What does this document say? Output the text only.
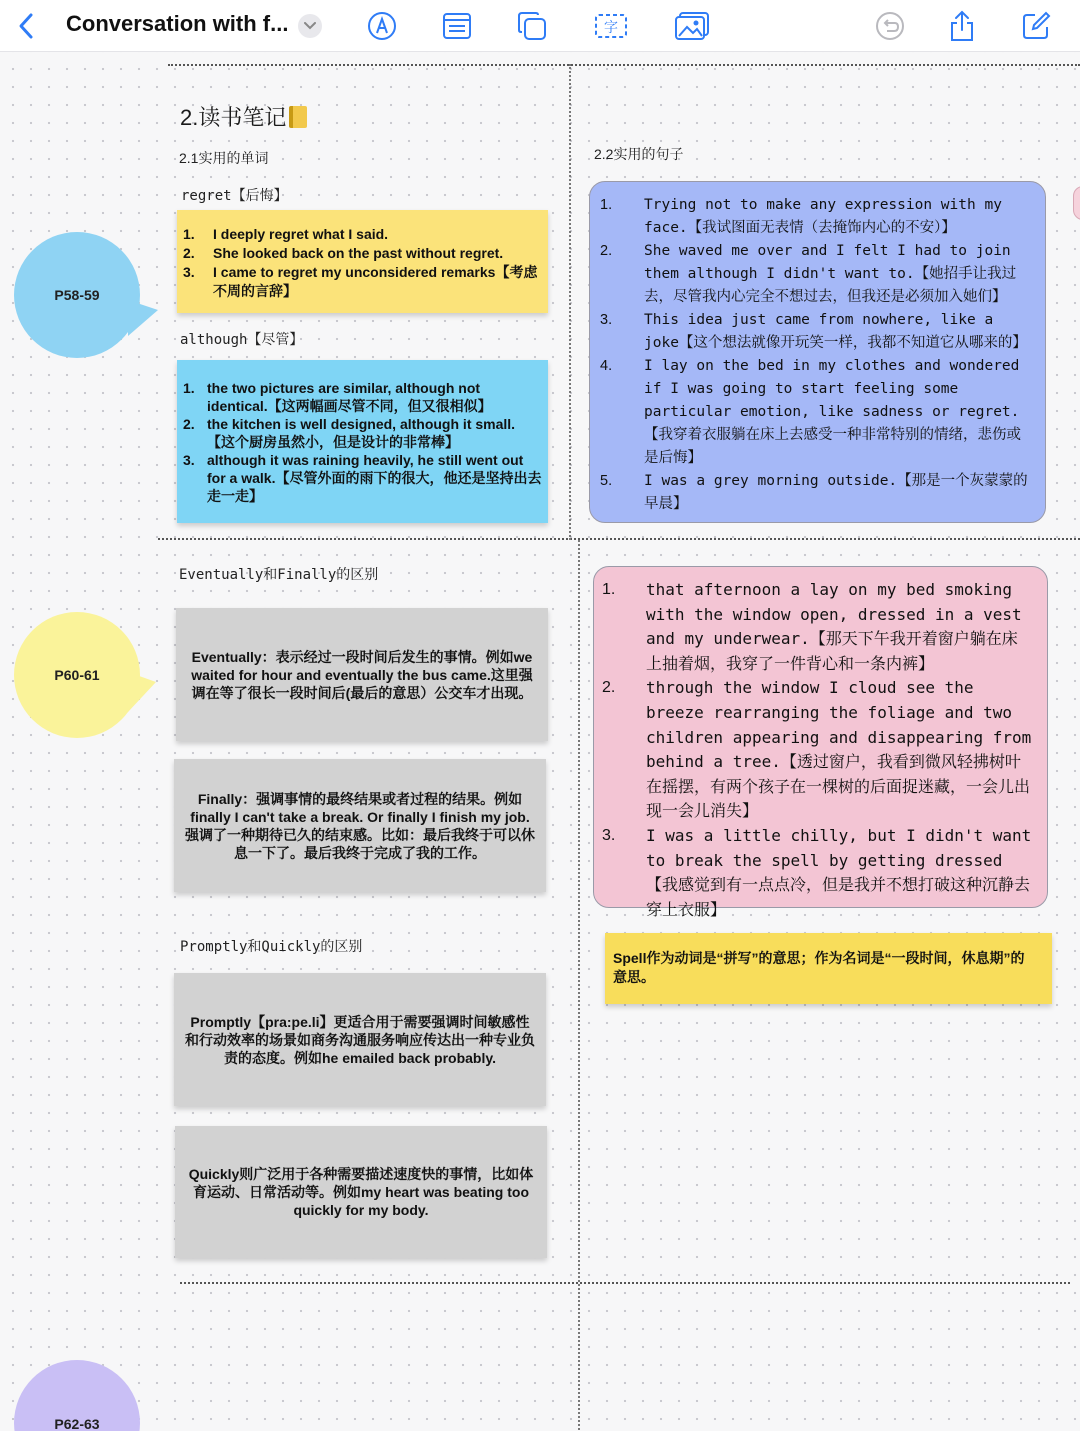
Conversation with f...	字
P58-59
P60-61
P62-63
2.读书笔记
2.1实用的单词
regret【后悔】
1.	I deeply regret what I said.
2.	She looked back on the past without regret.
3.	I came to regret my unconsidered remarks【考虑不周的言辞】
although【尽管】
1. the two pictures are similar, although not identical.【这两幅画尽管不同，但又很相似】
2. the kitchen is well designed, although it small.【这个厨房虽然小，但是设计的非常棒】
3. although it was raining heavily, he still went out for a walk.【尽管外面的雨下的很大，他还是坚持出去走一走】
2.2实用的句子
1.	Trying not to make any expression with my face.【我试图面无表情（去掩饰内心的不安）】
2.	She waved me over and I felt I had to join them although I didn't want to.【她招手让我过去，尽管我内心完全不想过去，但我还是必须加入她们】
3.	This idea just came from nowhere, like a joke【这个想法就像开玩笑一样，我都不知道它从哪来的】
4.	I lay on the bed in my clothes and wondered if I was going to start feeling some particular emotion, like sadness or regret.【我穿着衣服躺在床上去感受一种非常特别的情绪，悲伤或是后悔】
5.	I was a grey morning outside.【那是一个灰蒙蒙的早晨】
Eventually和Finally的区别
Eventually：表示经过一段时间后发生的事情。例如we waited for hour and eventually the bus came.这里强调在等了很长一段时间后(最后的意思）公交车才出现。
Finally：强调事情的最终结果或者过程的结果。例如finally I can't take a break. Or finally I finish my job.强调了一种期待已久的结束感。比如：最后我终于可以休息一下了。最后我终于完成了我的工作。
1.	that afternoon a lay on my bed smoking with the window open, dressed in a vest and my underwear.【那天下午我开着窗户躺在床上抽着烟，我穿了一件背心和一条内裤】
2.	through the window I cloud see the breeze rearranging the foliage and two children appearing and disappearing from behind a tree.【透过窗户，我看到微风轻拂树叶在摇摆，有两个孩子在一棵树的后面捉迷藏，一会儿出现一会儿消失】
3.	I was a little chilly, but I didn't want to break the spell by getting dressed【我感觉到有一点点冷，但是我并不想打破这种沉静去穿上衣服】
Spell作为动词是“拼写”的意思；作为名词是“一段时间，休息期”的意思。
Promptly和Quickly的区别
Promptly【pra:pe.li】更适合用于需要强调时间敏感性和行动效率的场景如商务沟通服务响应传达出一种专业负责的态度。例如he emailed back probably.
Quickly则广泛用于各种需要描述速度快的事情，比如体育运动、日常活动等。例如my heart was beating too quickly for my body.
